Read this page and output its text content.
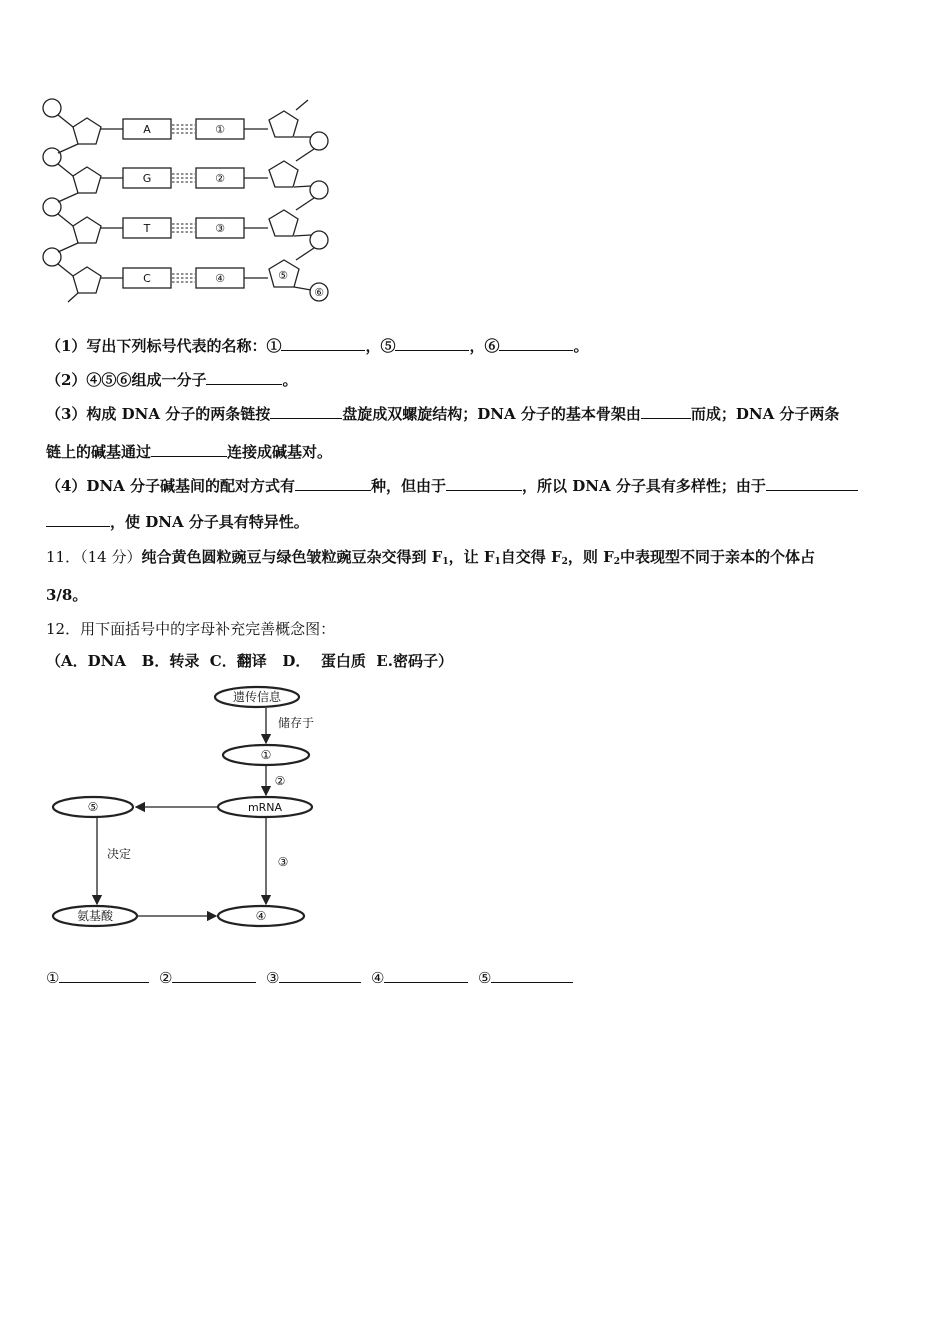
A
G
T
C
①
②
③
④	⑤
⑥
（1）写出下列标号代表的名称：①	，⑤	，⑥	。
（2）④⑤⑥组成一分子	。
（3）构成 DNA 分子的两条链按	盘旋成双螺旋结构；DNA 分子的基本骨架由	而成；DNA 分子两条
链上的碱基通过	连接成碱基对。
（4）DNA 分子碱基间的配对方式有	种，但由于	，所以 DNA 分子具有多样性；由于
，使 DNA 分子具有特异性。
11．（14 分）纯合黄色圆粒豌豆与绿色皱粒豌豆杂交得到 $F_1$，让 $F_1$自交得 $F_2$，则 $F_2$中表现型不同于亲本的个体占
3/8。
12．用下面括号中的字母补充完善概念图：
（A．DNA   B．转录  C．翻译   D．  蛋白质  E.密码子）
遗传信息
储存于
①
②
mRNA
⑤
决定
③
氨基酸	④
①	②	③	④	⑤
